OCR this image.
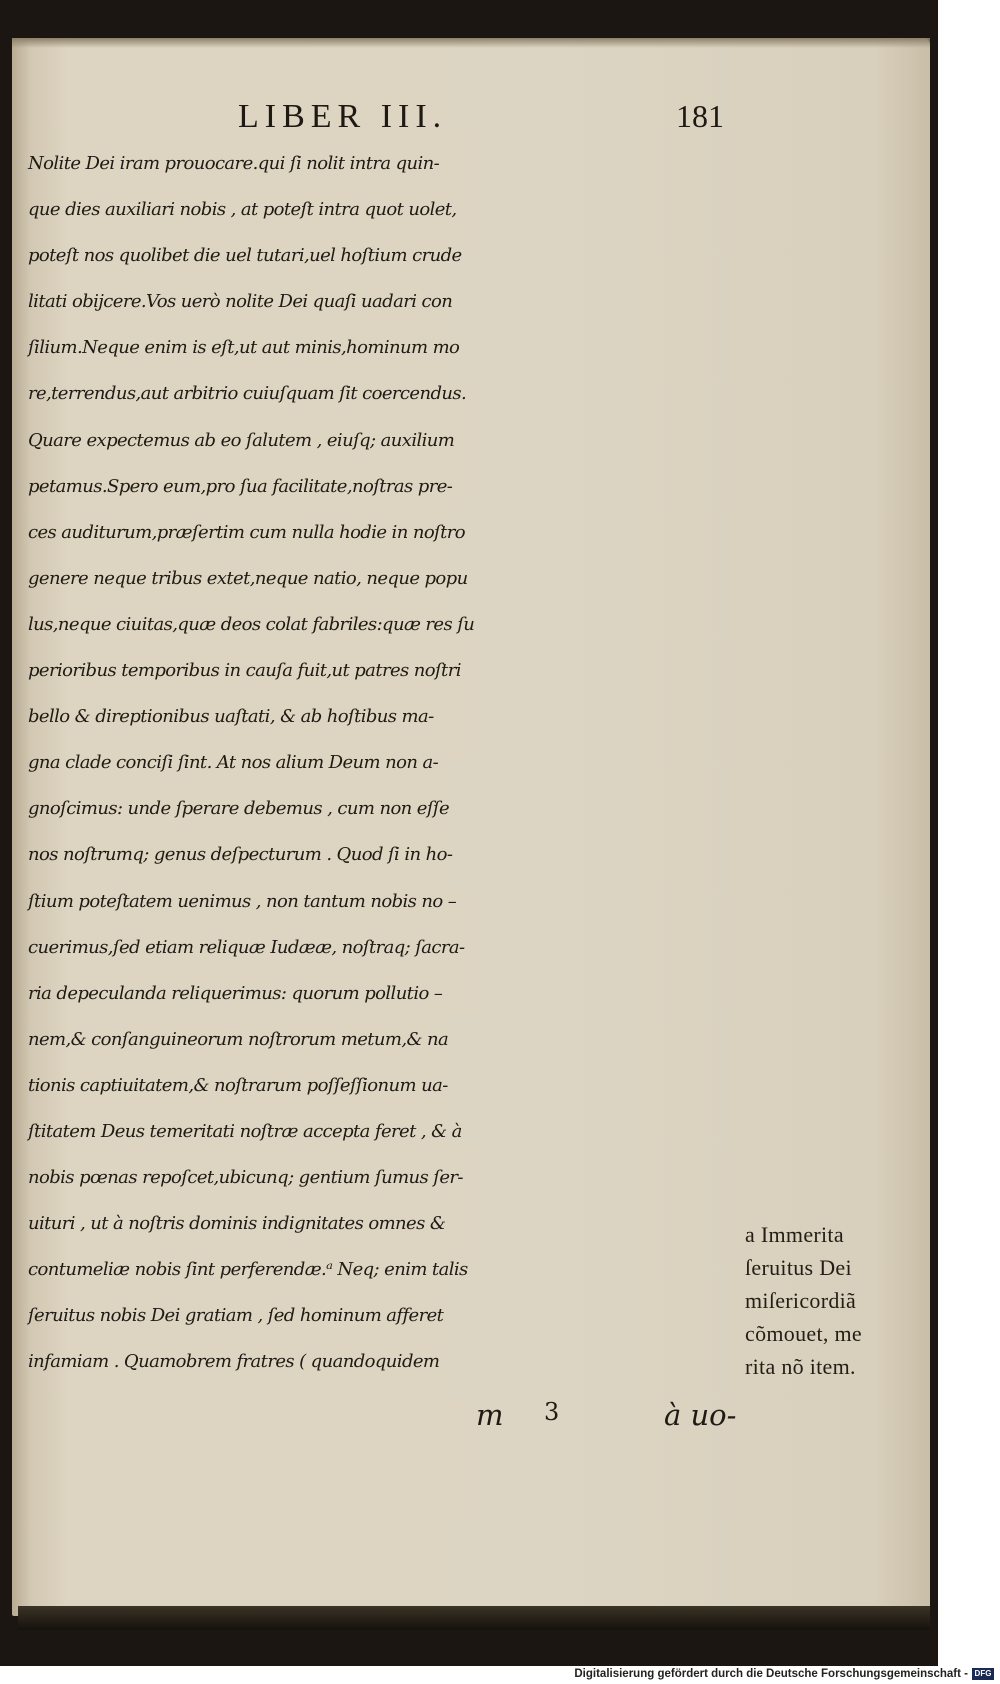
LIBER III.	181
Nolite Dei iram prouocare.qui ſi nolit intra quin-
que dies auxiliari nobis , at poteſt intra quot uolet,
poteſt nos quolibet die uel tutari,uel hoſtium crude
litati obijcere.Vos uerò nolite Dei quaſi uadari con
ſilium.Neque enim is eſt,ut aut minis,hominum mo
re,terrendus,aut arbitrio cuiuſquam ſit coercendus.
Quare expectemus ab eo ſalutem , eiuſq; auxilium
petamus.Spero eum,pro ſua facilitate,noſtras pre-
ces auditurum,præſertim cum nulla hodie in noſtro
genere neque tribus extet,neque natio, neque popu
lus,neque ciuitas,quæ deos colat fabriles:quæ res ſu
perioribus temporibus in cauſa fuit,ut patres noſtri
bello & direptionibus uaſtati, & ab hoſtibus ma-
gna clade conciſi ſint. At nos alium Deum non a-
gnoſcimus: unde ſperare debemus , cum non eſſe
nos noſtrumq; genus deſpecturum . Quod ſi in ho-
ſtium poteſtatem uenimus , non tantum nobis no –
cuerimus,ſed etiam reliquæ Iudææ, noſtraq; ſacra-
ria depeculanda reliquerimus: quorum pollutio –
nem,& conſanguineorum noſtrorum metum,& na
tionis captiuitatem,& noſtrarum poſſeſſionum ua-
ſtitatem Deus temeritati noſtræ accepta feret , & à
nobis pœnas repoſcet,ubicunq; gentium ſumus ſer-
uituri , ut à noſtris dominis indignitates omnes &
contumeliæ nobis ſint perferendæ.ᵃ Neq; enim talis
ſeruitus nobis Dei gratiam , ſed hominum afferet
infamiam . Quamobrem fratres ( quandoquidem
m 3	à uo-
a Immerita
ſeruitus Dei
miſericordiã
cõmouet, me
rita nõ item.
Digitalisierung gefördert durch die Deutsche Forschungsgemeinschaft - DFG
